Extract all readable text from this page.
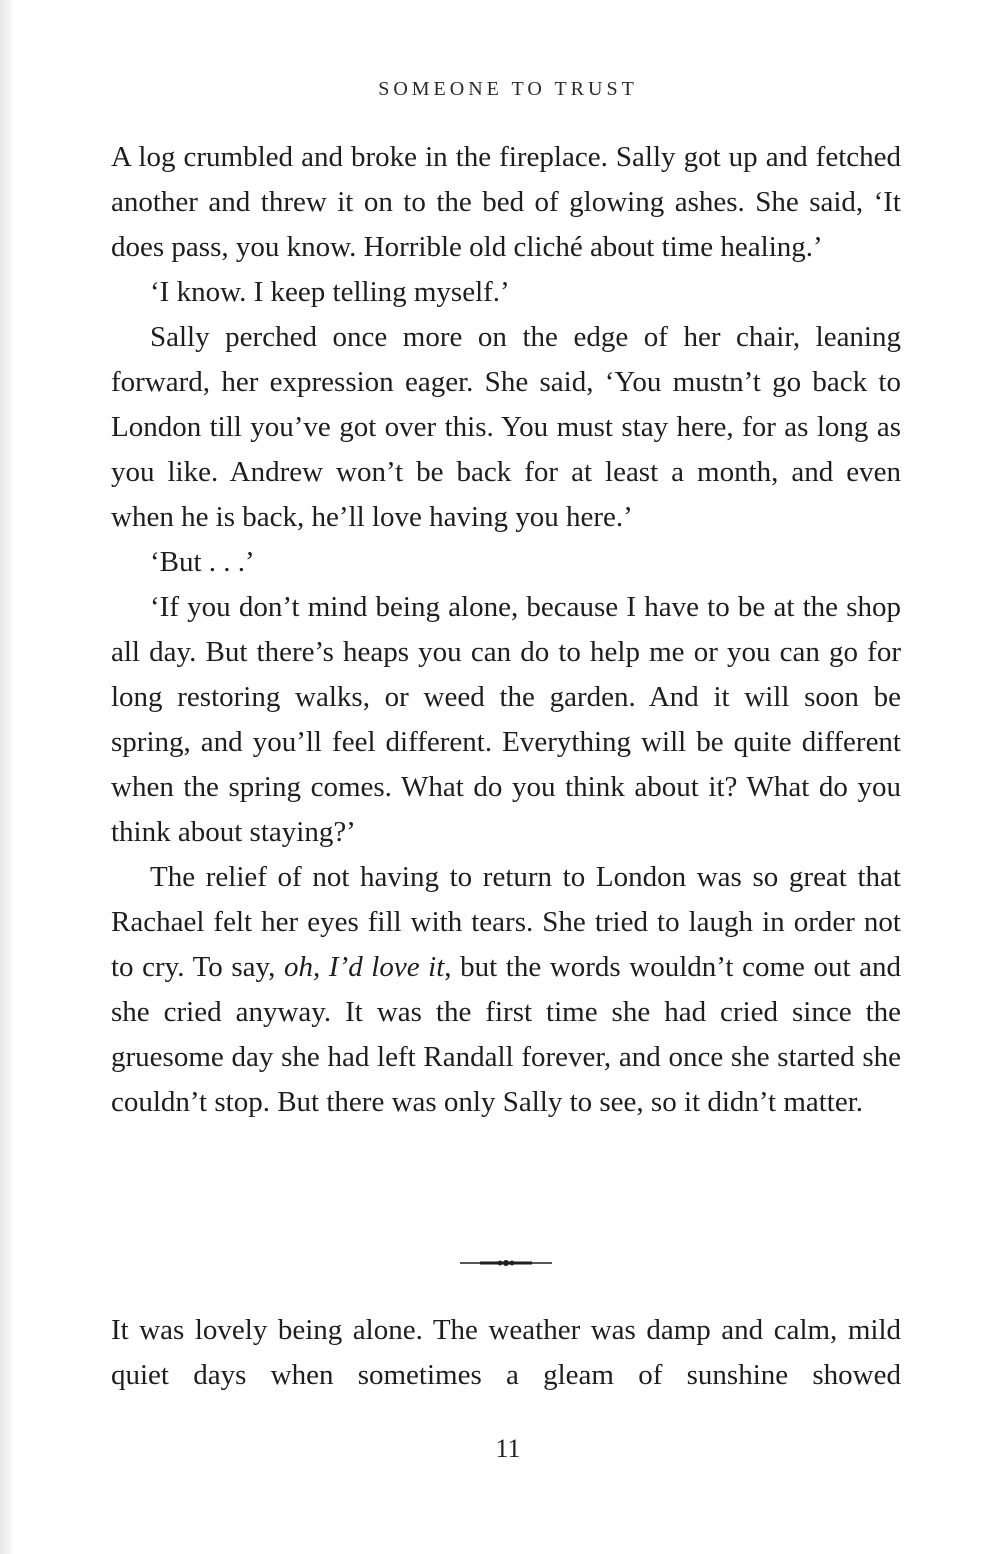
SOMEONE TO TRUST

A log crumbled and broke in the fireplace. Sally got up and fetched another and threw it on to the bed of glowing ashes. She said, ‘It does pass, you know. Horrible old cliché about time healing.’

‘I know. I keep telling myself.’

Sally perched once more on the edge of her chair, leaning forward, her expression eager. She said, ‘You mustn’t go back to London till you’ve got over this. You must stay here, for as long as you like. Andrew won’t be back for at least a month, and even when he is back, he’ll love having you here.’

‘But . . .’

‘If you don’t mind being alone, because I have to be at the shop all day. But there’s heaps you can do to help me or you can go for long restoring walks, or weed the garden. And it will soon be spring, and you’ll feel different. Everything will be quite different when the spring comes. What do you think about it? What do you think about staying?’

The relief of not having to return to London was so great that Rachael felt her eyes fill with tears. She tried to laugh in order not to cry. To say, oh, I’d love it, but the words wouldn’t come out and she cried anyway. It was the first time she had cried since the gruesome day she had left Randall forever, and once she started she couldn’t stop. But there was only Sally to see, so it didn’t matter.

It was lovely being alone. The weather was damp and calm, mild quiet days when sometimes a gleam of sunshine showed

11
